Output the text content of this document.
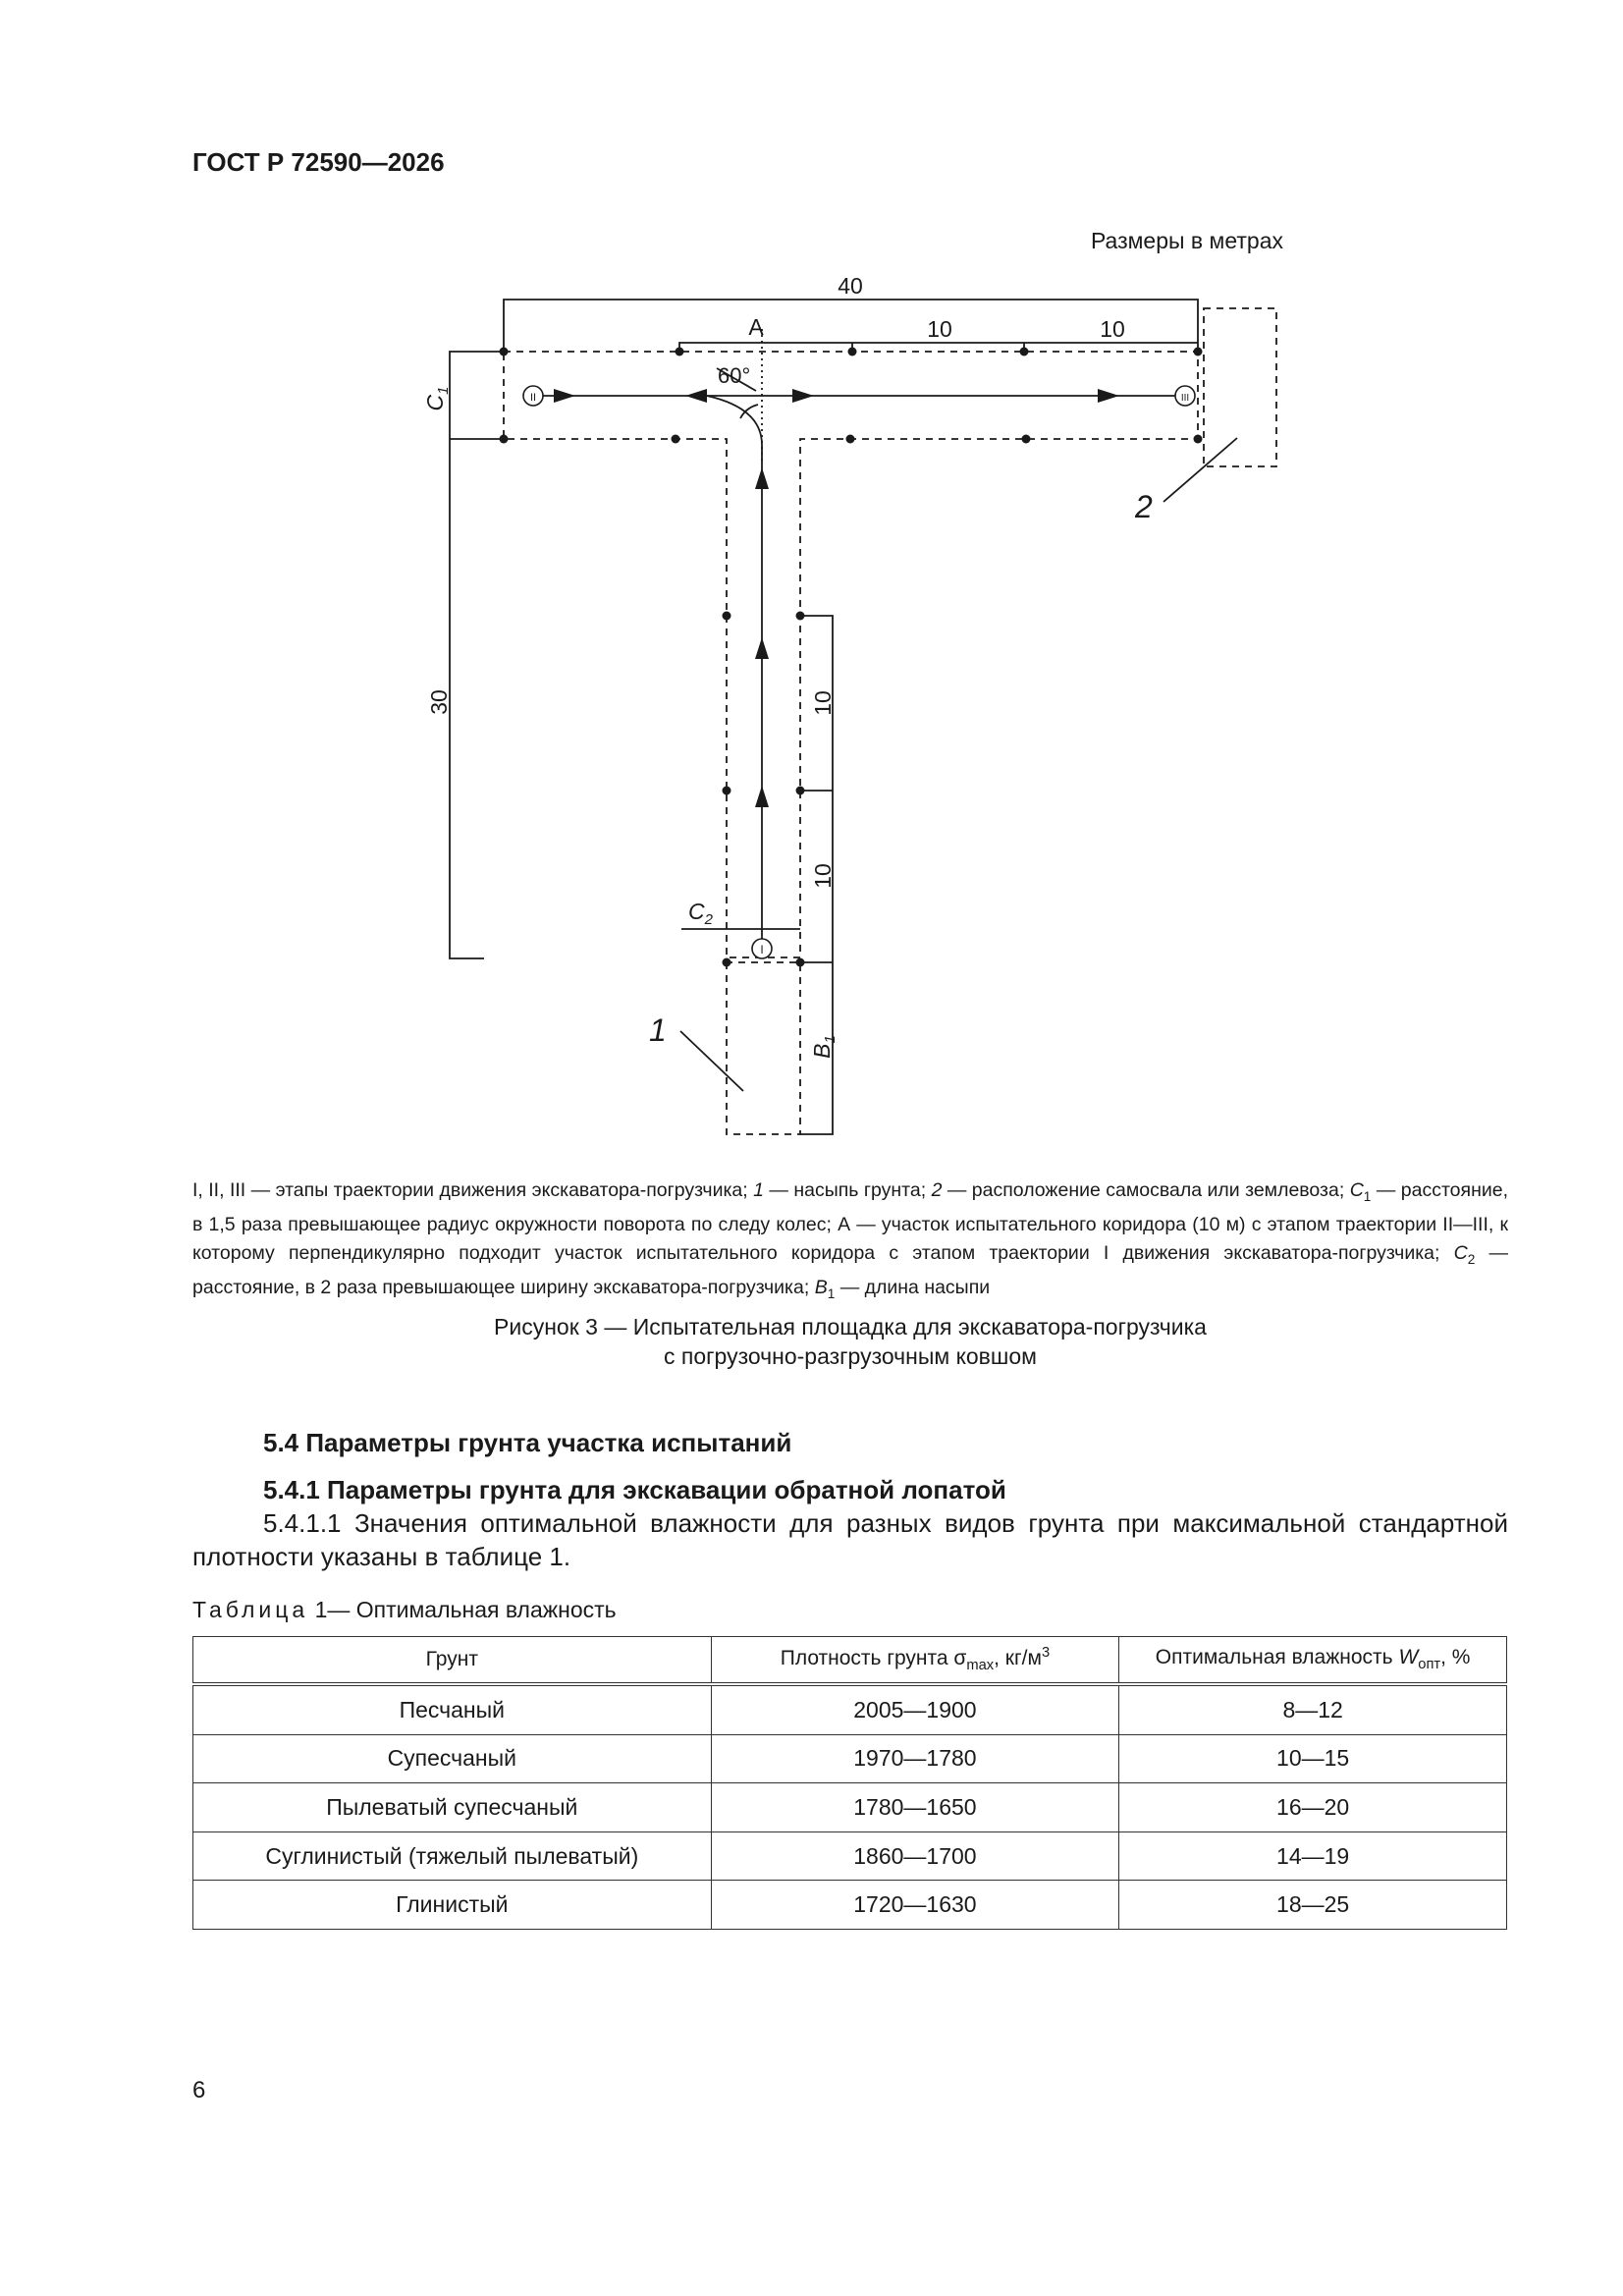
ГОСТ Р 72590—2026
Размеры в метрах
II	III
I
40
A	10	10
60°
10
10
30
$C_1$
$C_2$
$B_1$
1
2
I, II, III — этапы траектории движения экскаватора-погрузчика; 1 — насыпь грунта; 2 — расположение самосвала или землевоза; $C_1$ — расстояние, в 1,5 раза превышающее радиус окружности поворота по следу колес; А — участок испытательного коридора (10 м) с этапом траектории II—III, к которому перпендикулярно подходит участок испытательного коридора с этапом траектории I движения экскаватора-погрузчика; $C_2$ — расстояние, в 2 раза превышающее ширину экскаватора-погрузчика; $B_1$ — длина насыпи
Рисунок 3 — Испытательная площадка для экскаватора-погрузчика
с погрузочно-разгрузочным ковшом
5.4 Параметры грунта участка испытаний
5.4.1 Параметры грунта для экскавации обратной лопатой
5.4.1.1 Значения оптимальной влажности для разных видов грунта при максимальной стандартной плотности указаны в таблице 1.
Таблица 1— Оптимальная влажность
Грунт	Плотность грунта $\sigma_{max}$, $кг/м^3$	Оптимальная влажность $W_{опт}$, %
Песчаный	2005—1900	8—12
Супесчаный	1970—1780	10—15
Пылеватый супесчаный	1780—1650	16—20
Суглинистый (тяжелый пылеватый)	1860—1700	14—19
Глинистый	1720—1630	18—25
6
